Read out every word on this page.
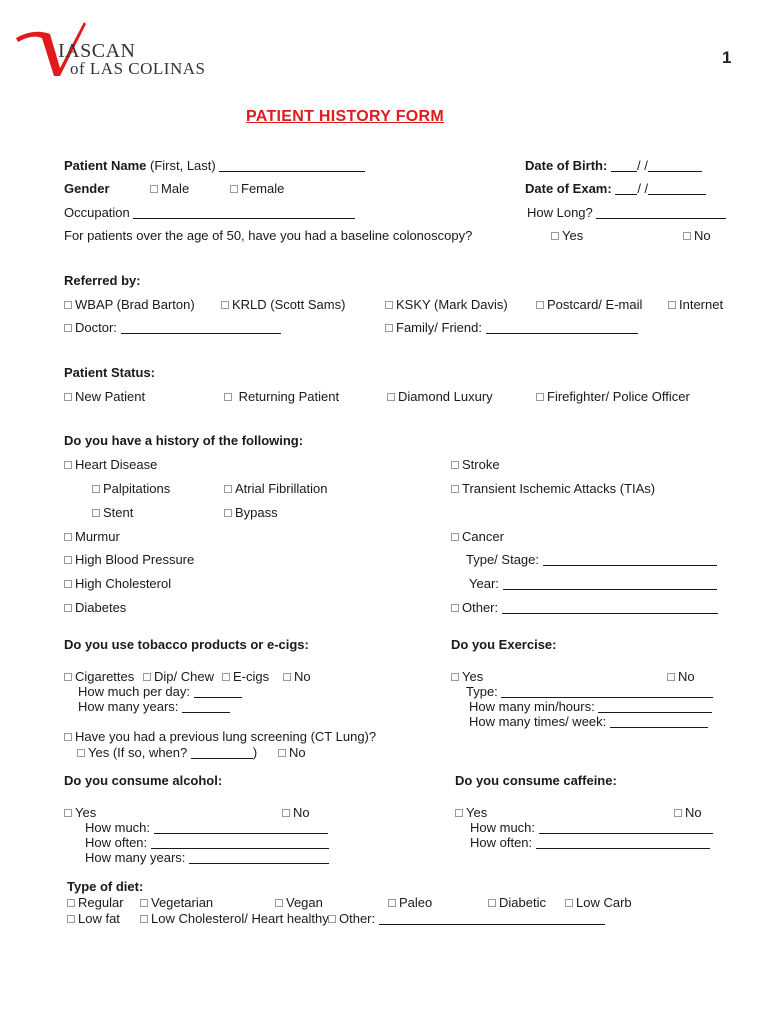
IASCAN
of LAS COLINAS
1
PATIENT HISTORY FORM
Patient Name (First, Last)	Date of Birth: / /
Gender	Male	Female	Date of Exam: / /
Occupation	How Long?
For patients over the age of 50, have you had a baseline colonoscopy?	Yes	No
Referred by:
WBAP (Brad Barton)	KRLD (Scott Sams)	KSKY (Mark Davis)	Postcard/ E-mail	Internet
Doctor:	Family/ Friend:
Patient Status:
New Patient	Returning Patient	Diamond Luxury	Firefighter/ Police Officer
Do you have a history of the following:
Heart Disease	Stroke
Palpitations	Atrial Fibrillation	Transient Ischemic Attacks (TIAs)
Stent	Bypass
Murmur	Cancer
High Blood Pressure	Type/ Stage:
High Cholesterol	Year:
Diabetes	Other:
Do you use tobacco products or e-cigs:
Cigarettes	Dip/ Chew	E-cigs	No
How much per day:
How many years:
Have you had a previous lung screening (CT Lung)?
Yes (If so, when?	)	No
Do you Exercise:
Yes	No
Type:
How many min/hours:
How many times/ week:
Do you consume alcohol:
Yes	No
How much:
How often:
How many years:
Do you consume caffeine:
Yes	No
How much:
How often:
Type of diet:
Regular	Vegetarian	Vegan	Paleo	Diabetic	Low Carb
Low fat	Low Cholesterol/ Heart healthy Other:
